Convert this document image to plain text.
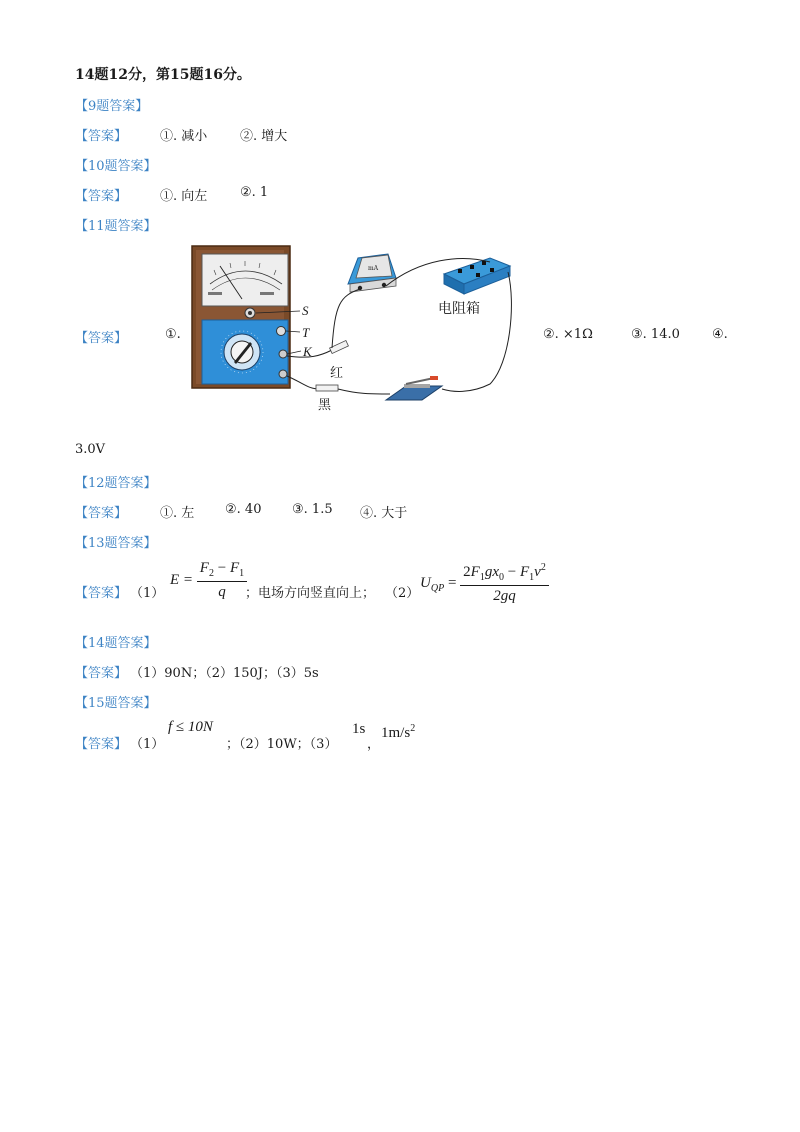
14题12分，第15题16分。
【9题答案】
【答案】	①. 减小	②. 增大
【10题答案】
【答案】	①. 向左	②. 1
【11题答案】
【答案】	①.
S
T
K
红
黑
电阻箱
mA
②. ×1Ω	③. 14.0 ④.
3.0V
【12题答案】
【答案】	①. 左 ②. 40 ③. 1.5 ④. 大于
【13题答案】
【答案】 （1）
$E = \frac{F_2 - F_1}{q}$
；电场方向竖直向上； （2）
$U_{QP} = \frac{2F_1gx_0 - F_1v^2}{2gq}$
【14题答案】
【答案】 （1）90N；（2）150J；（3）5s
【15题答案】
【答案】 （1）
f ≤ 10N
；（2）10W；（3）
1s
，
$1m/s^2$
